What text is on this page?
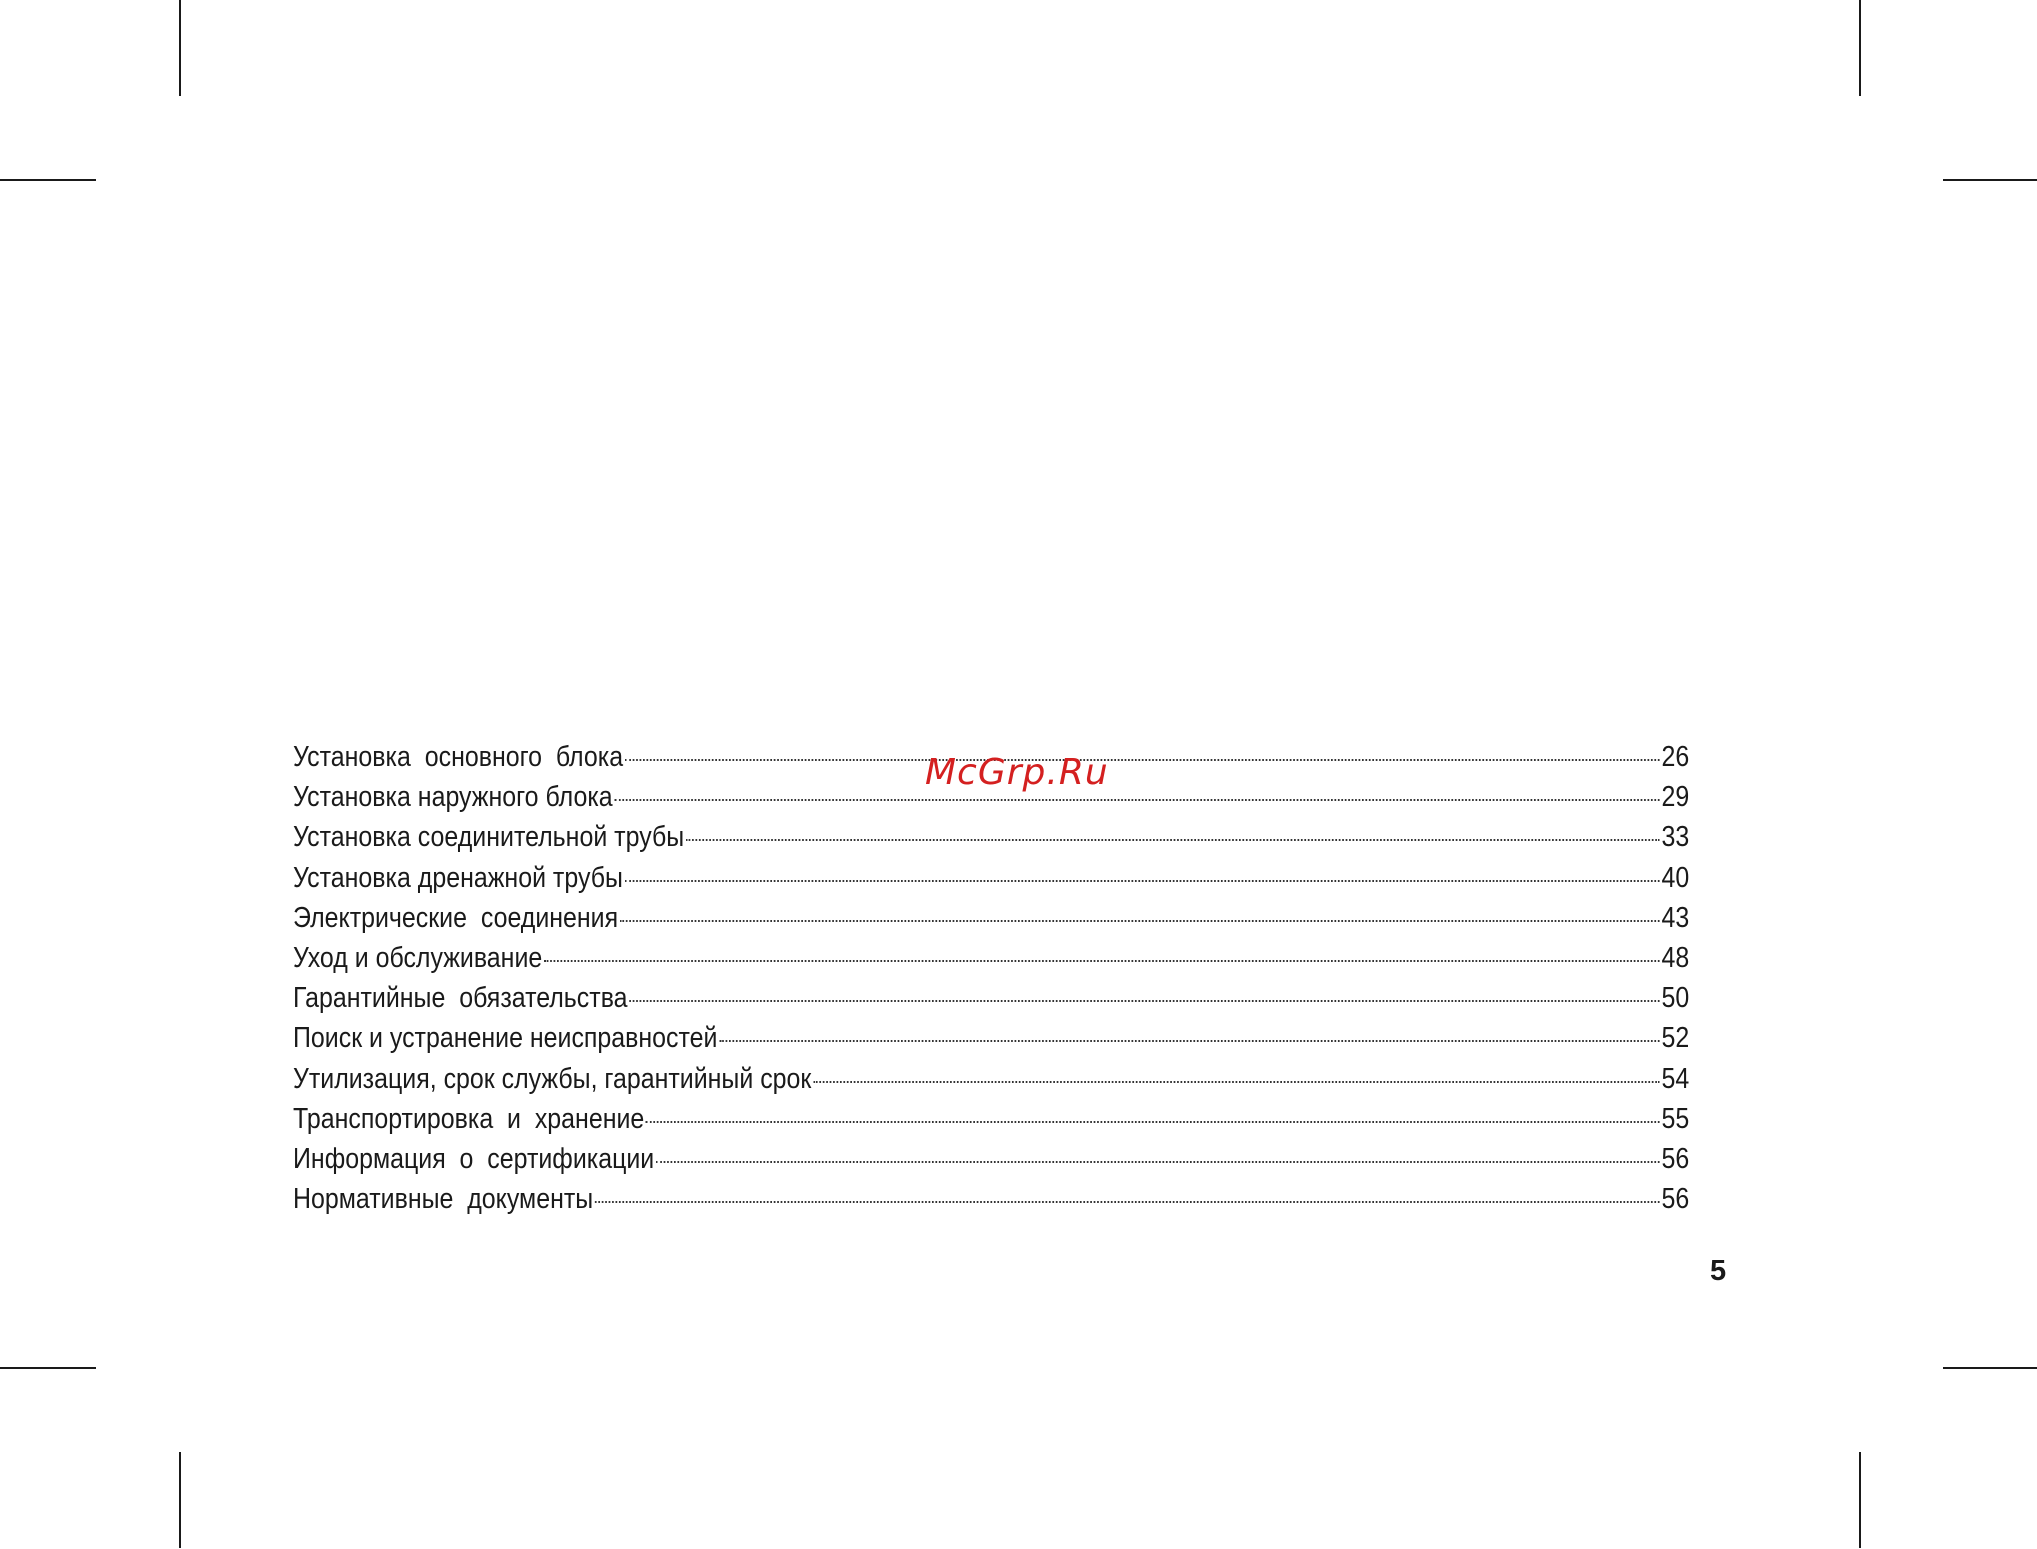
Установка  основного  блока	26
Установка наружного блока	29
Установка соединительной трубы	33
Установка дренажной трубы	40
Электрические  соединения	43
Уход и обслуживание	48
Гарантийные  обязательства	50
Поиск и устранение неисправностей	52
Утилизация, срок службы, гарантийный срок	54
Транспортировка  и  хранение	55
Информация  о  сертификации	56
Нормативные  документы	56
McGrp.Ru
5
